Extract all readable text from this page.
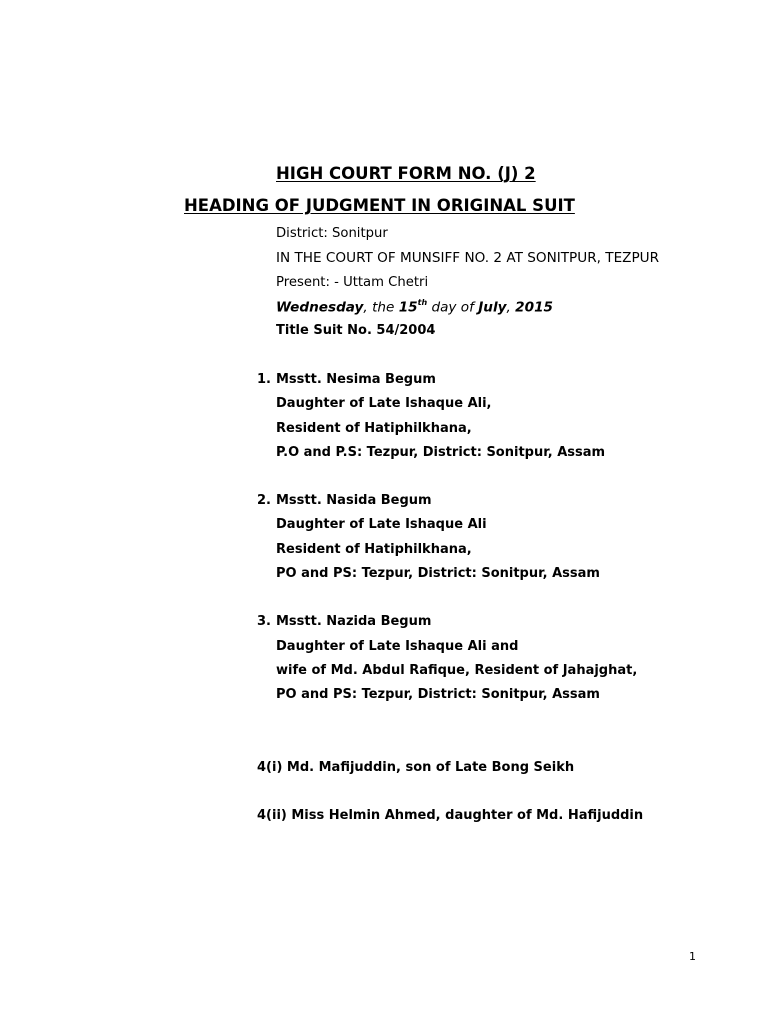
HIGH COURT FORM NO. (J) 2
HEADING OF JUDGMENT IN ORIGINAL SUIT
District: Sonitpur
IN THE COURT OF MUNSIFF NO. 2 AT SONITPUR, TEZPUR
Present: - Uttam Chetri
Wednesday, the 15th day of July, 2015
Title Suit No. 54/2004
1. Msstt. Nesima Begum
Daughter of Late Ishaque Ali,
Resident of Hatiphilkhana,
P.O and P.S: Tezpur, District: Sonitpur, Assam
2. Msstt. Nasida Begum
Daughter of Late Ishaque Ali
Resident of Hatiphilkhana,
PO and PS: Tezpur, District: Sonitpur, Assam
3. Msstt. Nazida Begum
Daughter of Late Ishaque Ali and
wife of Md. Abdul Rafique, Resident of Jahajghat,
PO and PS: Tezpur, District: Sonitpur, Assam
4(i) Md. Mafijuddin, son of Late Bong Seikh
4(ii) Miss Helmin Ahmed, daughter of Md. Hafijuddin
1
